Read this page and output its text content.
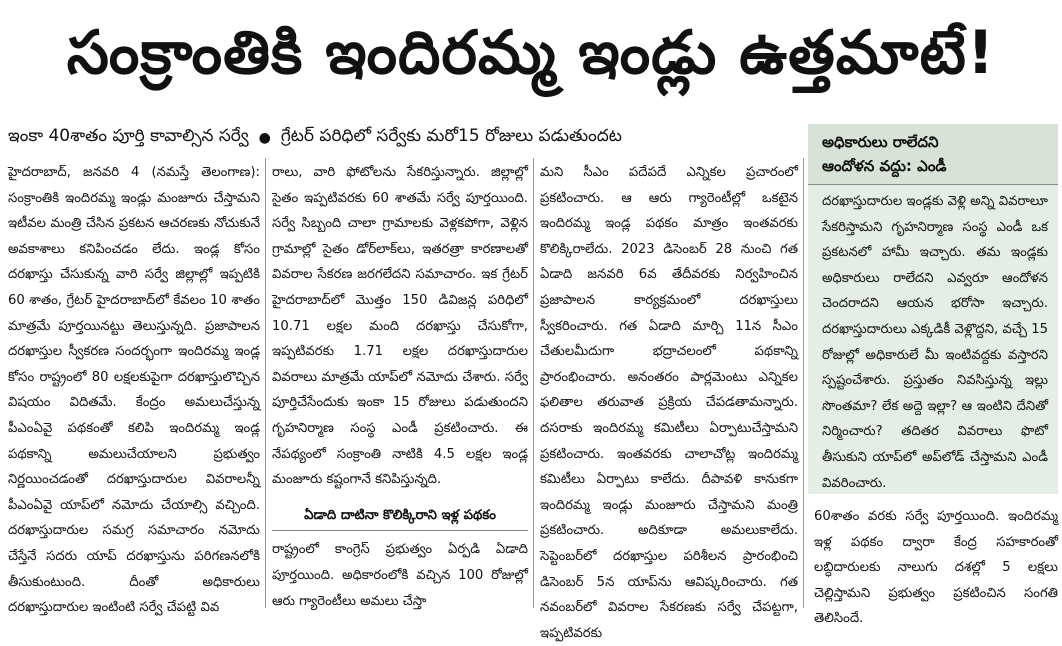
సంక్రాంతికి ఇందిరమ్మ ఇండ్లు ఉత్తమాటే!
ఇంకా 40శాతం పూర్తి కావాల్సిన సర్వే ● గ్రేటర్ పరిధిలో సర్వేకు మరో15 రోజులు పడుతుందట

హైదరాబాద్, జనవరి 4 (నమస్తే తెలంగాణ): సంక్రాంతికి ఇందిరమ్మ ఇండ్లు మంజూరు చేస్తామని ఇటీవల మంత్రి చేసిన ప్రకటన ఆచరణకు నోచుకునే అవకాశాలు కనిపించడం లేదు. ఇండ్ల కోసం దరఖాస్తు చేసుకున్న వారి సర్వే జిల్లాల్లో ఇప్పటికి 60 శాతం, గ్రేటర్ హైదరాబాద్‌లో కేవలం 10 శాతం మాత్రమే పూర్తయినట్టు తెలుస్తున్నది. ప్రజాపాలన దరఖాస్తుల స్వీకరణ సందర్భంగా ఇందిరమ్మ ఇండ్ల కోసం రాష్ట్రంలో 80 లక్షలకుపైగా దరఖాస్తులొచ్చిన విషయం విదితమే. కేంద్రం అమలుచేస్తున్న పీఎంఏవై పథకంతో కలిపి ఇందిరమ్మ ఇండ్ల పథకాన్ని అమలుచేయాలని ప్రభుత్వం నిర్ణయించడంతో దరఖాస్తుదారుల వివరాలన్నీ పీఎంఏవై యాప్‌లో నమోదు చేయాల్సి వచ్చింది. దరఖాస్తుదారుల సమగ్ర సమాచారం నమోదు చేస్తేనే సదరు యాప్ దరఖాస్తును పరిగణనలోకి తీసుకుంటుంది. దీంతో అధికారులు దరఖాస్తుదారుల ఇంటింటి సర్వే చేపట్టి వివ

రాలు, వారి ఫోటోలను సేకరిస్తున్నారు. జిల్లాల్లో సైతం ఇప్పటివరకు 60 శాతమే సర్వే పూర్తయింది. సర్వే సిబ్బంది చాలా గ్రామాలకు వెళ్లకపోగా, వెళ్లిన గ్రామాల్లో సైతం డోర్‌లాక్‌లు, ఇతరత్రా కారణాలతో వివరాల సేకరణ జరగలేదని సమాచారం. ఇక గ్రేటర్ హైదరాబాద్‌లో మొత్తం 150 డివిజన్ల పరిధిలో 10.71 లక్షల మంది దరఖాస్తు చేసుకోగా, ఇప్పటివరకు 1.71 లక్షల దరఖాస్తుదారుల వివరాలు మాత్రమే యాప్‌లో నమోదు చేశారు. సర్వే పూర్తిచేసేందుకు ఇంకా 15 రోజులు పడుతుందని గృహనిర్మాణ సంస్థ ఎండీ ప్రకటించారు. ఈ నేపథ్యంలో సంక్రాంతి నాటికి 4.5 లక్షల ఇండ్ల మంజూరు కష్టంగానే కనిపిస్తున్నది.

ఏడాది దాటినా కొలిక్కిరాని ఇళ్ల పథకం

రాష్ట్రంలో కాంగ్రెస్ ప్రభుత్వం ఏర్పడి ఏడాది పూర్తయింది. అధికారంలోకి వచ్చిన 100 రోజుల్లో ఆరు గ్యారెంటీలు అమలు చేస్తా

మని సీఎం పదేపదే ఎన్నికల ప్రచారంలో ప్రకటించారు. ఆ ఆరు గ్యారెంటీల్లో ఒకటైన ఇందిరమ్మ ఇండ్ల పథకం మాత్రం ఇంతవరకు కొలిక్కిరాలేదు. 2023 డిసెంబర్ 28 నుంచి గత ఏడాది జనవరి 6వ తేదీవరకు నిర్వహించిన ప్రజాపాలన కార్యక్రమంలో దరఖాస్తులు స్వీకరించారు. గత ఏడాది మార్చి 11న సీఎం చేతులమీదుగా భద్రాచలంలో పథకాన్ని ప్రారంభించారు. అనంతరం పార్లమెంటు ఎన్నికల ఫలితాల తరువాత ప్రక్రియ చేపడతామన్నారు. దసరాకు ఇందిరమ్మ కమిటీలు ఏర్పాటుచేస్తామని ప్రకటించారు. ఇంతవరకు చాలాచోట్ల ఇందిరమ్మ కమిటీలు ఏర్పాటు కాలేదు. దీపావళి కానుకగా ఇందిరమ్మ ఇండ్లు మంజూరు చేస్తామని మంత్రి ప్రకటించారు. అదికూడా అమలుకాలేదు. సెప్టెంబర్‌లో దరఖాస్తుల పరిశీలన ప్రారంభించి డిసెంబర్ 5న యాప్‌ను ఆవిష్కరించారు. గత నవంబర్‌లో వివరాల సేకరణకు సర్వే చేపట్టగా, ఇప్పటివరకు

అధికారులు రాలేదని
ఆందోళన వద్దు: ఎండీ
దరఖాస్తుదారుల ఇండ్లకు వెళ్లి అన్ని వివరాలూ సేకరిస్తామని గృహనిర్మాణ సంస్థ ఎండీ ఒక ప్రకటనలో హామీ ఇచ్చారు. తమ ఇండ్లకు అధికారులు రాలేదని ఎవ్వరూ ఆందోళన చెందరాదని ఆయన భరోసా ఇచ్చారు. దరఖాస్తుదారులు ఎక్కడికీ వెళ్లొద్దని, వచ్చే 15 రోజుల్లో అధికారులే మీ ఇంటివద్దకు వస్తారని స్పష్టంచేశారు. ప్రస్తుతం నివసిస్తున్న ఇల్లు సొంతమా? లేక అద్దె ఇల్లా? ఆ ఇంటిని దేనితో నిర్మించారు? తదితర వివరాలు ఫొటో తీసుకుని యాప్‌లో అప్‌లోడ్ చేస్తామని ఎండీ వివరించారు.

60శాతం వరకు సర్వే పూర్తయింది. ఇందిరమ్మ ఇళ్ల పథకం ద్వారా కేంద్ర సహకారంతో లబ్ధిదారులకు నాలుగు దశల్లో 5 లక్షలు చెల్లిస్తామని ప్రభుత్వం ప్రకటించిన సంగతి తెలిసిందే.
